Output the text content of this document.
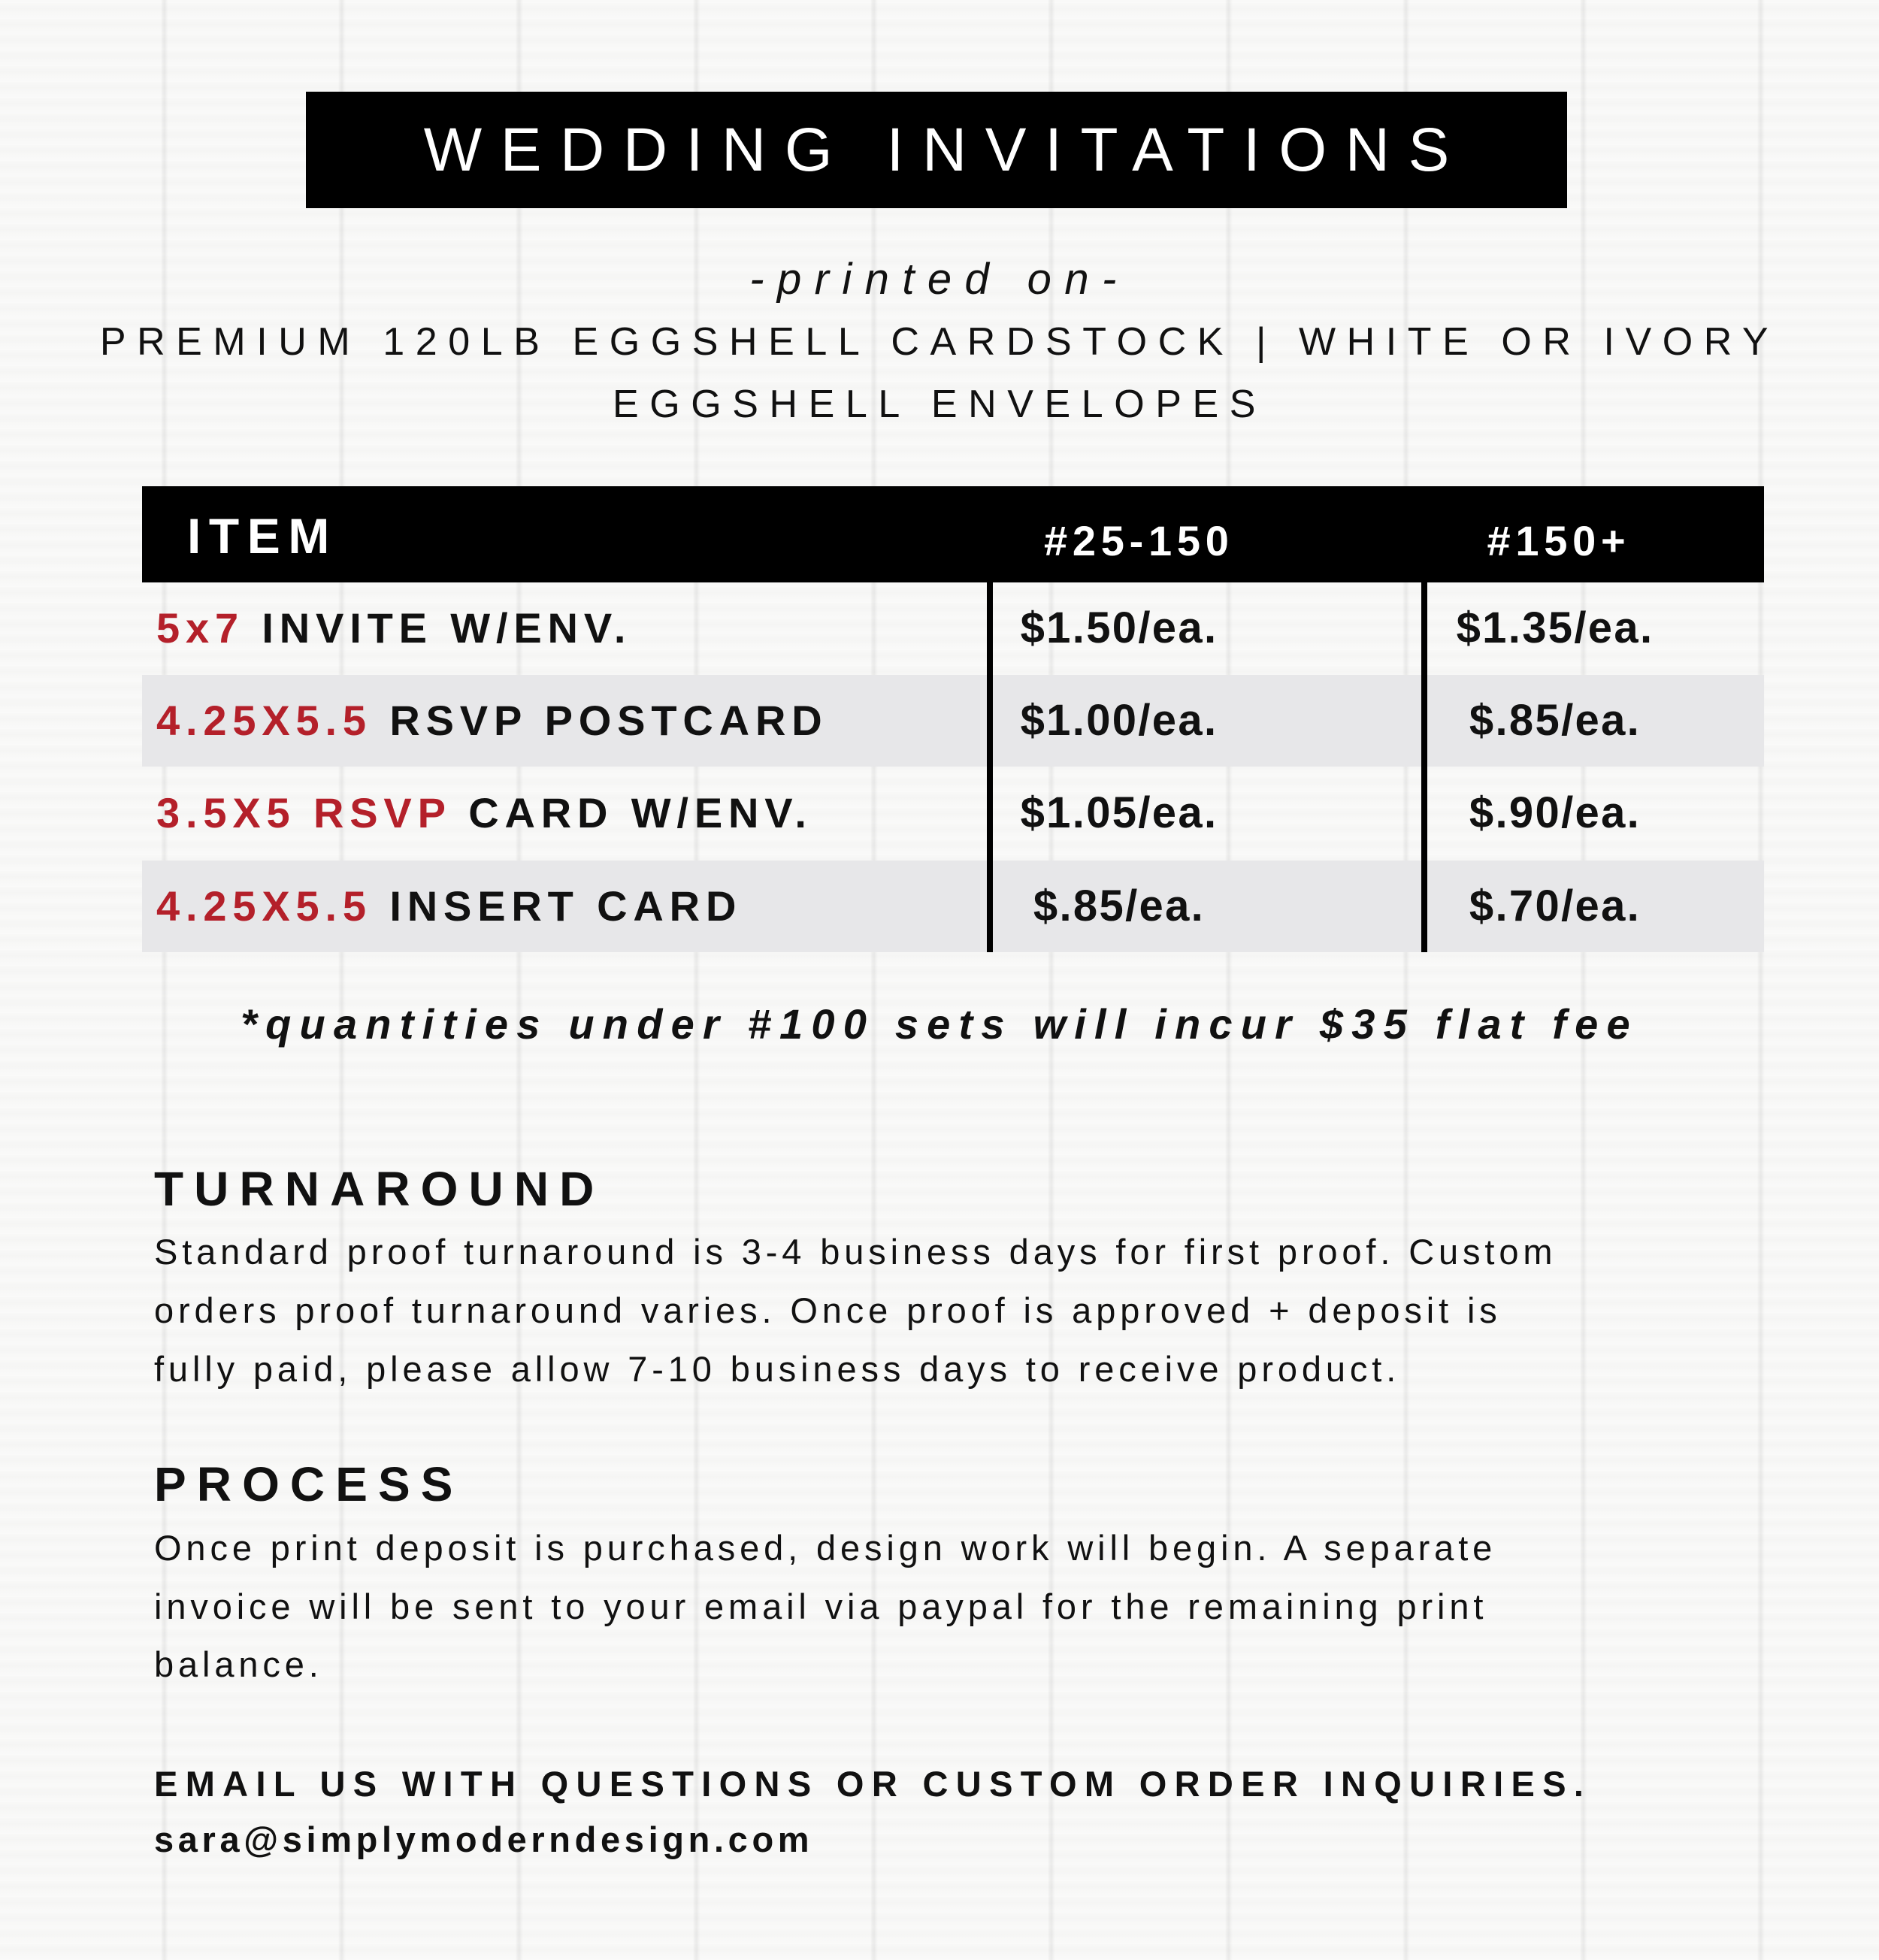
WEDDING INVITATIONS
-printed on-
PREMIUM 120LB EGGSHELL CARDSTOCK | WHITE OR IVORY
EGGSHELL ENVELOPES
ITEM	#25-150	#150+
5x7 INVITE W/ENV.	$1.50/ea.	$1.35/ea.
4.25X5.5 RSVP POSTCARD	$1.00/ea.	$.85/ea.
3.5X5 RSVP CARD W/ENV.	$1.05/ea.	$.90/ea.
4.25X5.5 INSERT CARD	$.85/ea.	$.70/ea.
*quantities under #100 sets will incur $35 flat fee
TURNAROUND
Standard proof turnaround is 3-4 business days for first proof. Custom
orders proof turnaround varies. Once proof is approved + deposit is
fully paid, please allow 7-10 business days to receive product.
PROCESS
Once print deposit is purchased, design work will begin. A separate
invoice will be sent to your email via paypal for the remaining print
balance.
EMAIL US WITH QUESTIONS OR CUSTOM ORDER INQUIRIES.
sara@simplymoderndesign.com
